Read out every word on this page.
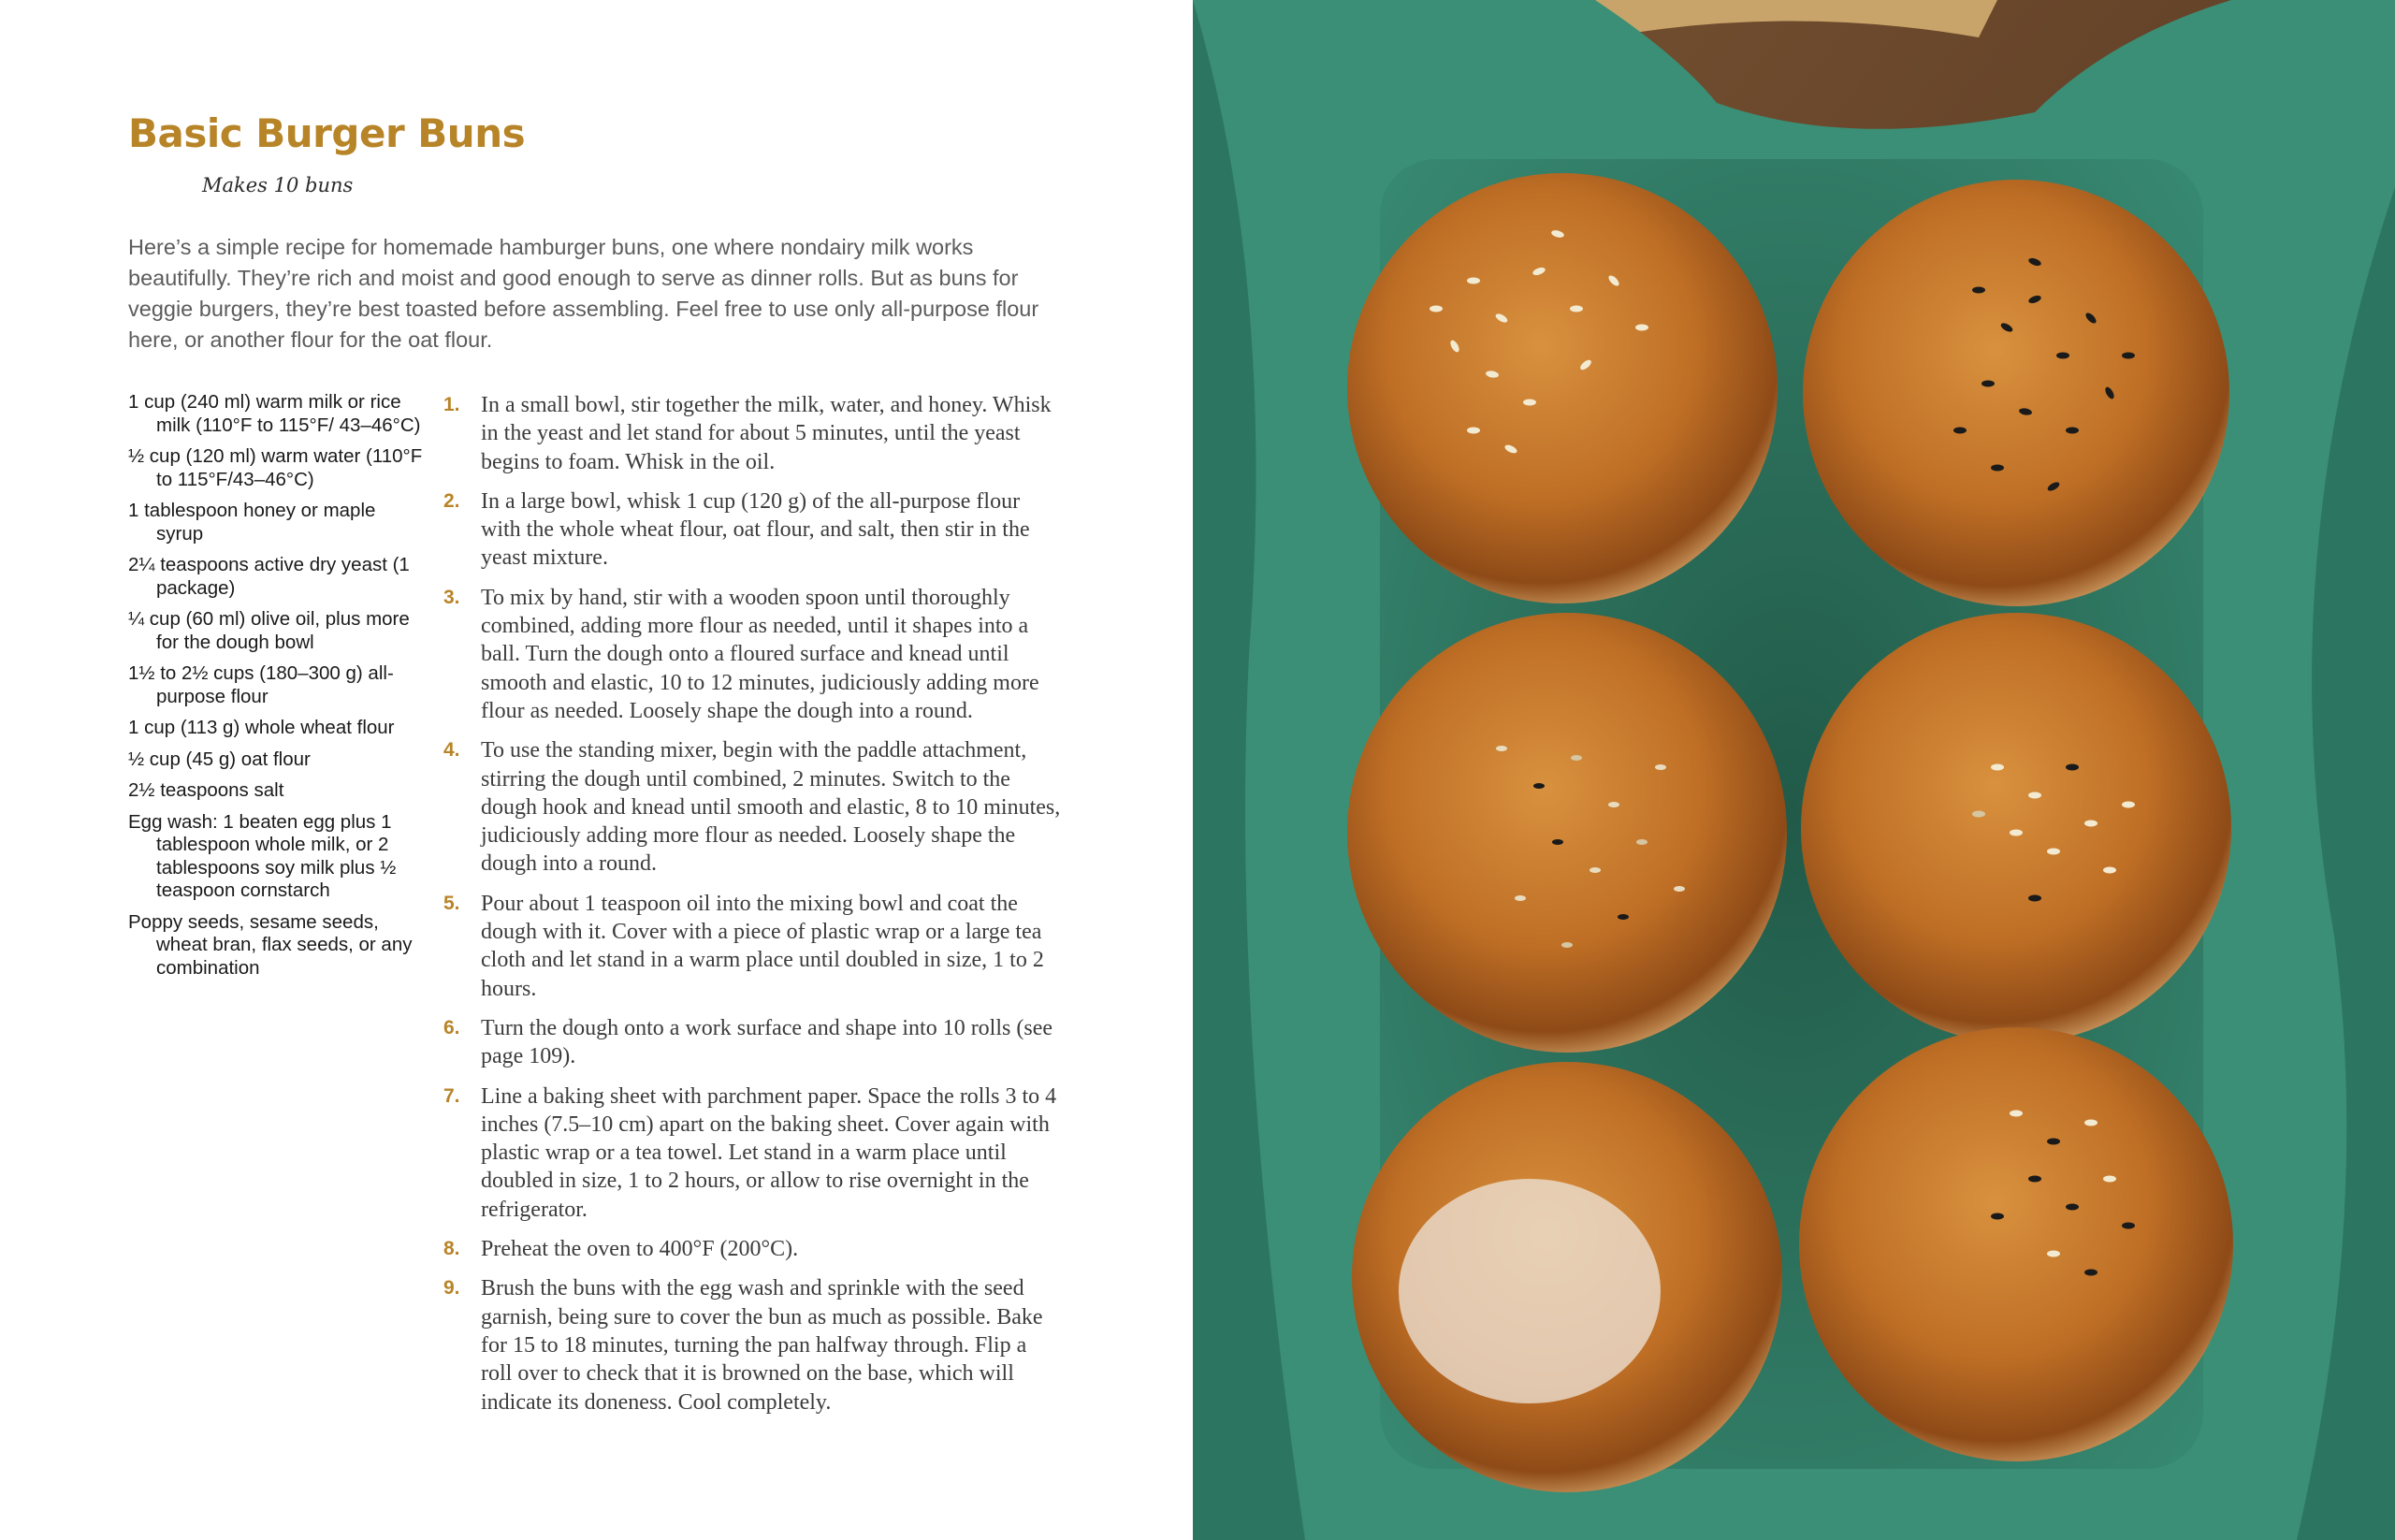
Basic Burger Buns
Makes 10 buns

Here’s a simple recipe for homemade hamburger buns, one where nondairy milk works beautifully. They’re rich and moist and good enough to serve as dinner rolls. But as buns for veggie burgers, they’re best toasted before assembling. Feel free to use only all-purpose flour here, or another flour for the oat flour.

1 cup (240 ml) warm milk or rice milk (110°F to 115°F/ 43–46°C)
½ cup (120 ml) warm water (110°F to 115°F/43–46°C)
1 tablespoon honey or maple syrup
2¼ teaspoons active dry yeast (1 package)
¼ cup (60 ml) olive oil, plus more for the dough bowl
1½ to 2½ cups (180–300 g) all-purpose flour
1 cup (113 g) whole wheat flour
½ cup (45 g) oat flour
2½ teaspoons salt
Egg wash: 1 beaten egg plus 1 tablespoon whole milk, or 2 tablespoons soy milk plus ½ teaspoon cornstarch
Poppy seeds, sesame seeds, wheat bran, flax seeds, or any combination
1. In a small bowl, stir together the milk, water, and honey. Whisk in the yeast and let stand for about 5 minutes, until the yeast begins to foam. Whisk in the oil.
2. In a large bowl, whisk 1 cup (120 g) of the all-purpose flour with the whole wheat flour, oat flour, and salt, then stir in the yeast mixture.
3. To mix by hand, stir with a wooden spoon until thoroughly combined, adding more flour as needed, until it shapes into a ball. Turn the dough onto a floured surface and knead until smooth and elastic, 10 to 12 minutes, judiciously adding more flour as needed. Loosely shape the dough into a round.
4. To use the standing mixer, begin with the paddle attachment, stirring the dough until combined, 2 minutes. Switch to the dough hook and knead until smooth and elastic, 8 to 10 minutes, judiciously adding more flour as needed. Loosely shape the dough into a round.
5. Pour about 1 teaspoon oil into the mixing bowl and coat the dough with it. Cover with a piece of plastic wrap or a large tea cloth and let stand in a warm place until doubled in size, 1 to 2 hours.
6. Turn the dough onto a work surface and shape into 10 rolls (see page 109).
7. Line a baking sheet with parchment paper. Space the rolls 3 to 4 inches (7.5–10 cm) apart on the baking sheet. Cover again with plastic wrap or a tea towel. Let stand in a warm place until doubled in size, 1 to 2 hours, or allow to rise overnight in the refrigerator.
8. Preheat the oven to 400°F (200°C).
9. Brush the buns with the egg wash and sprinkle with the seed garnish, being sure to cover the bun as much as possible. Bake for 15 to 18 minutes, turning the pan halfway through. Flip a roll over to check that it is browned on the base, which will indicate its doneness. Cool completely.
